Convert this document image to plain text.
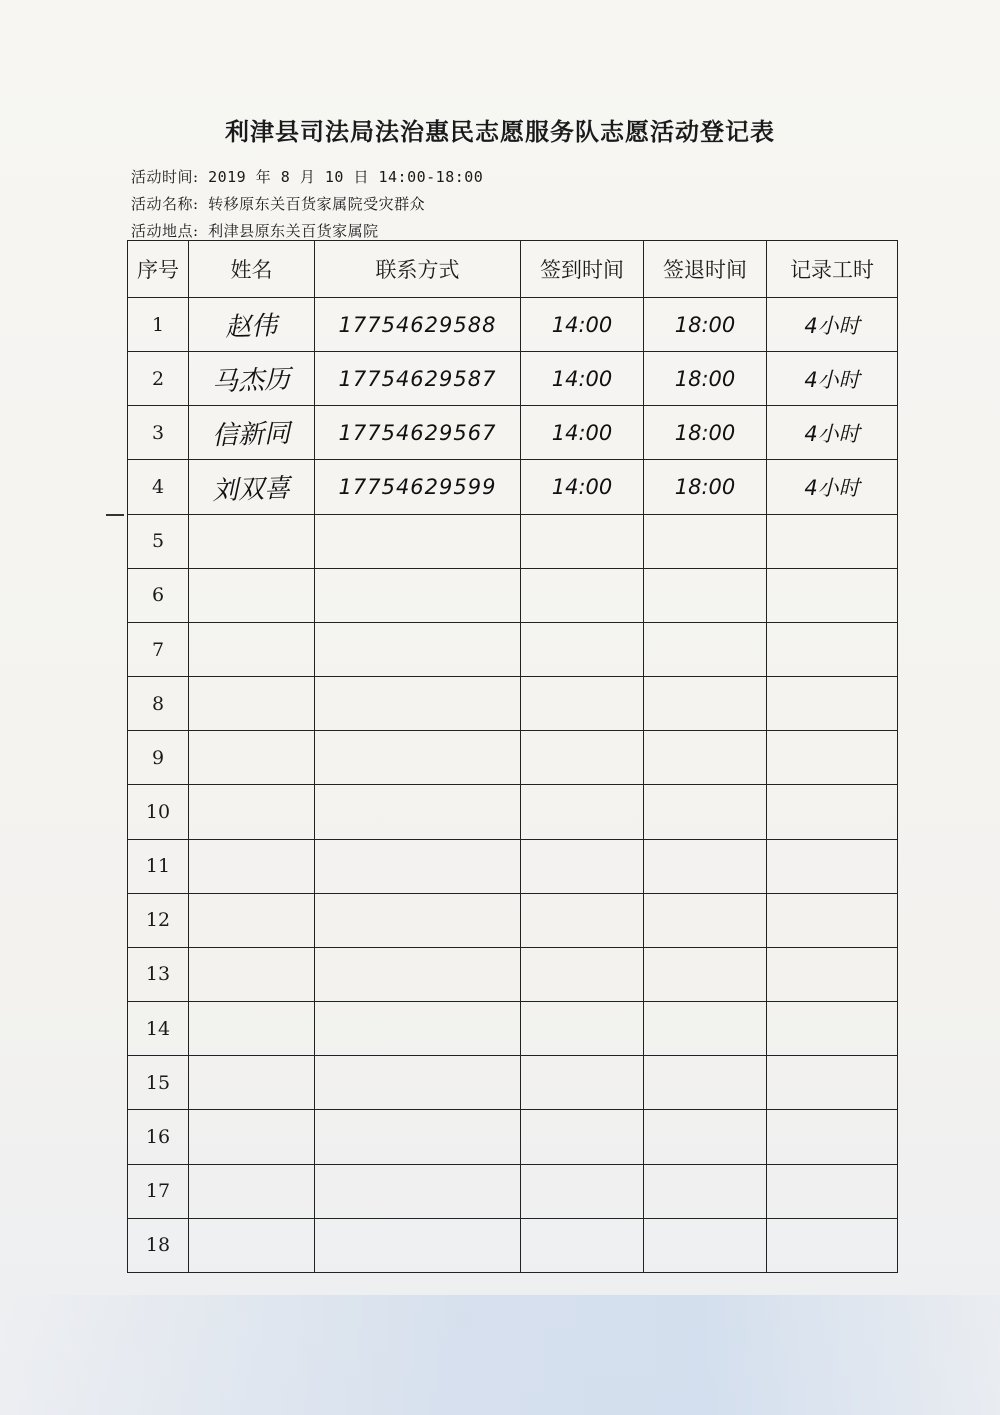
利津县司法局法治惠民志愿服务队志愿活动登记表
活动时间: 2019 年 8 月 10 日 14:00-18:00
活动名称: 转移原东关百货家属院受灾群众
活动地点: 利津县原东关百货家属院
序号	姓名	联系方式	签到时间	签退时间	记录工时
1	赵伟	17754629588	14:00	18:00	4小时
2	马杰历	17754629587	14:00	18:00	4小时
3	信新同	17754629567	14:00	18:00	4小时
4	刘双喜	17754629599	14:00	18:00	4小时
5					
6					
7					
8					
9					
10					
11					
12					
13					
14					
15					
16					
17					
18					
